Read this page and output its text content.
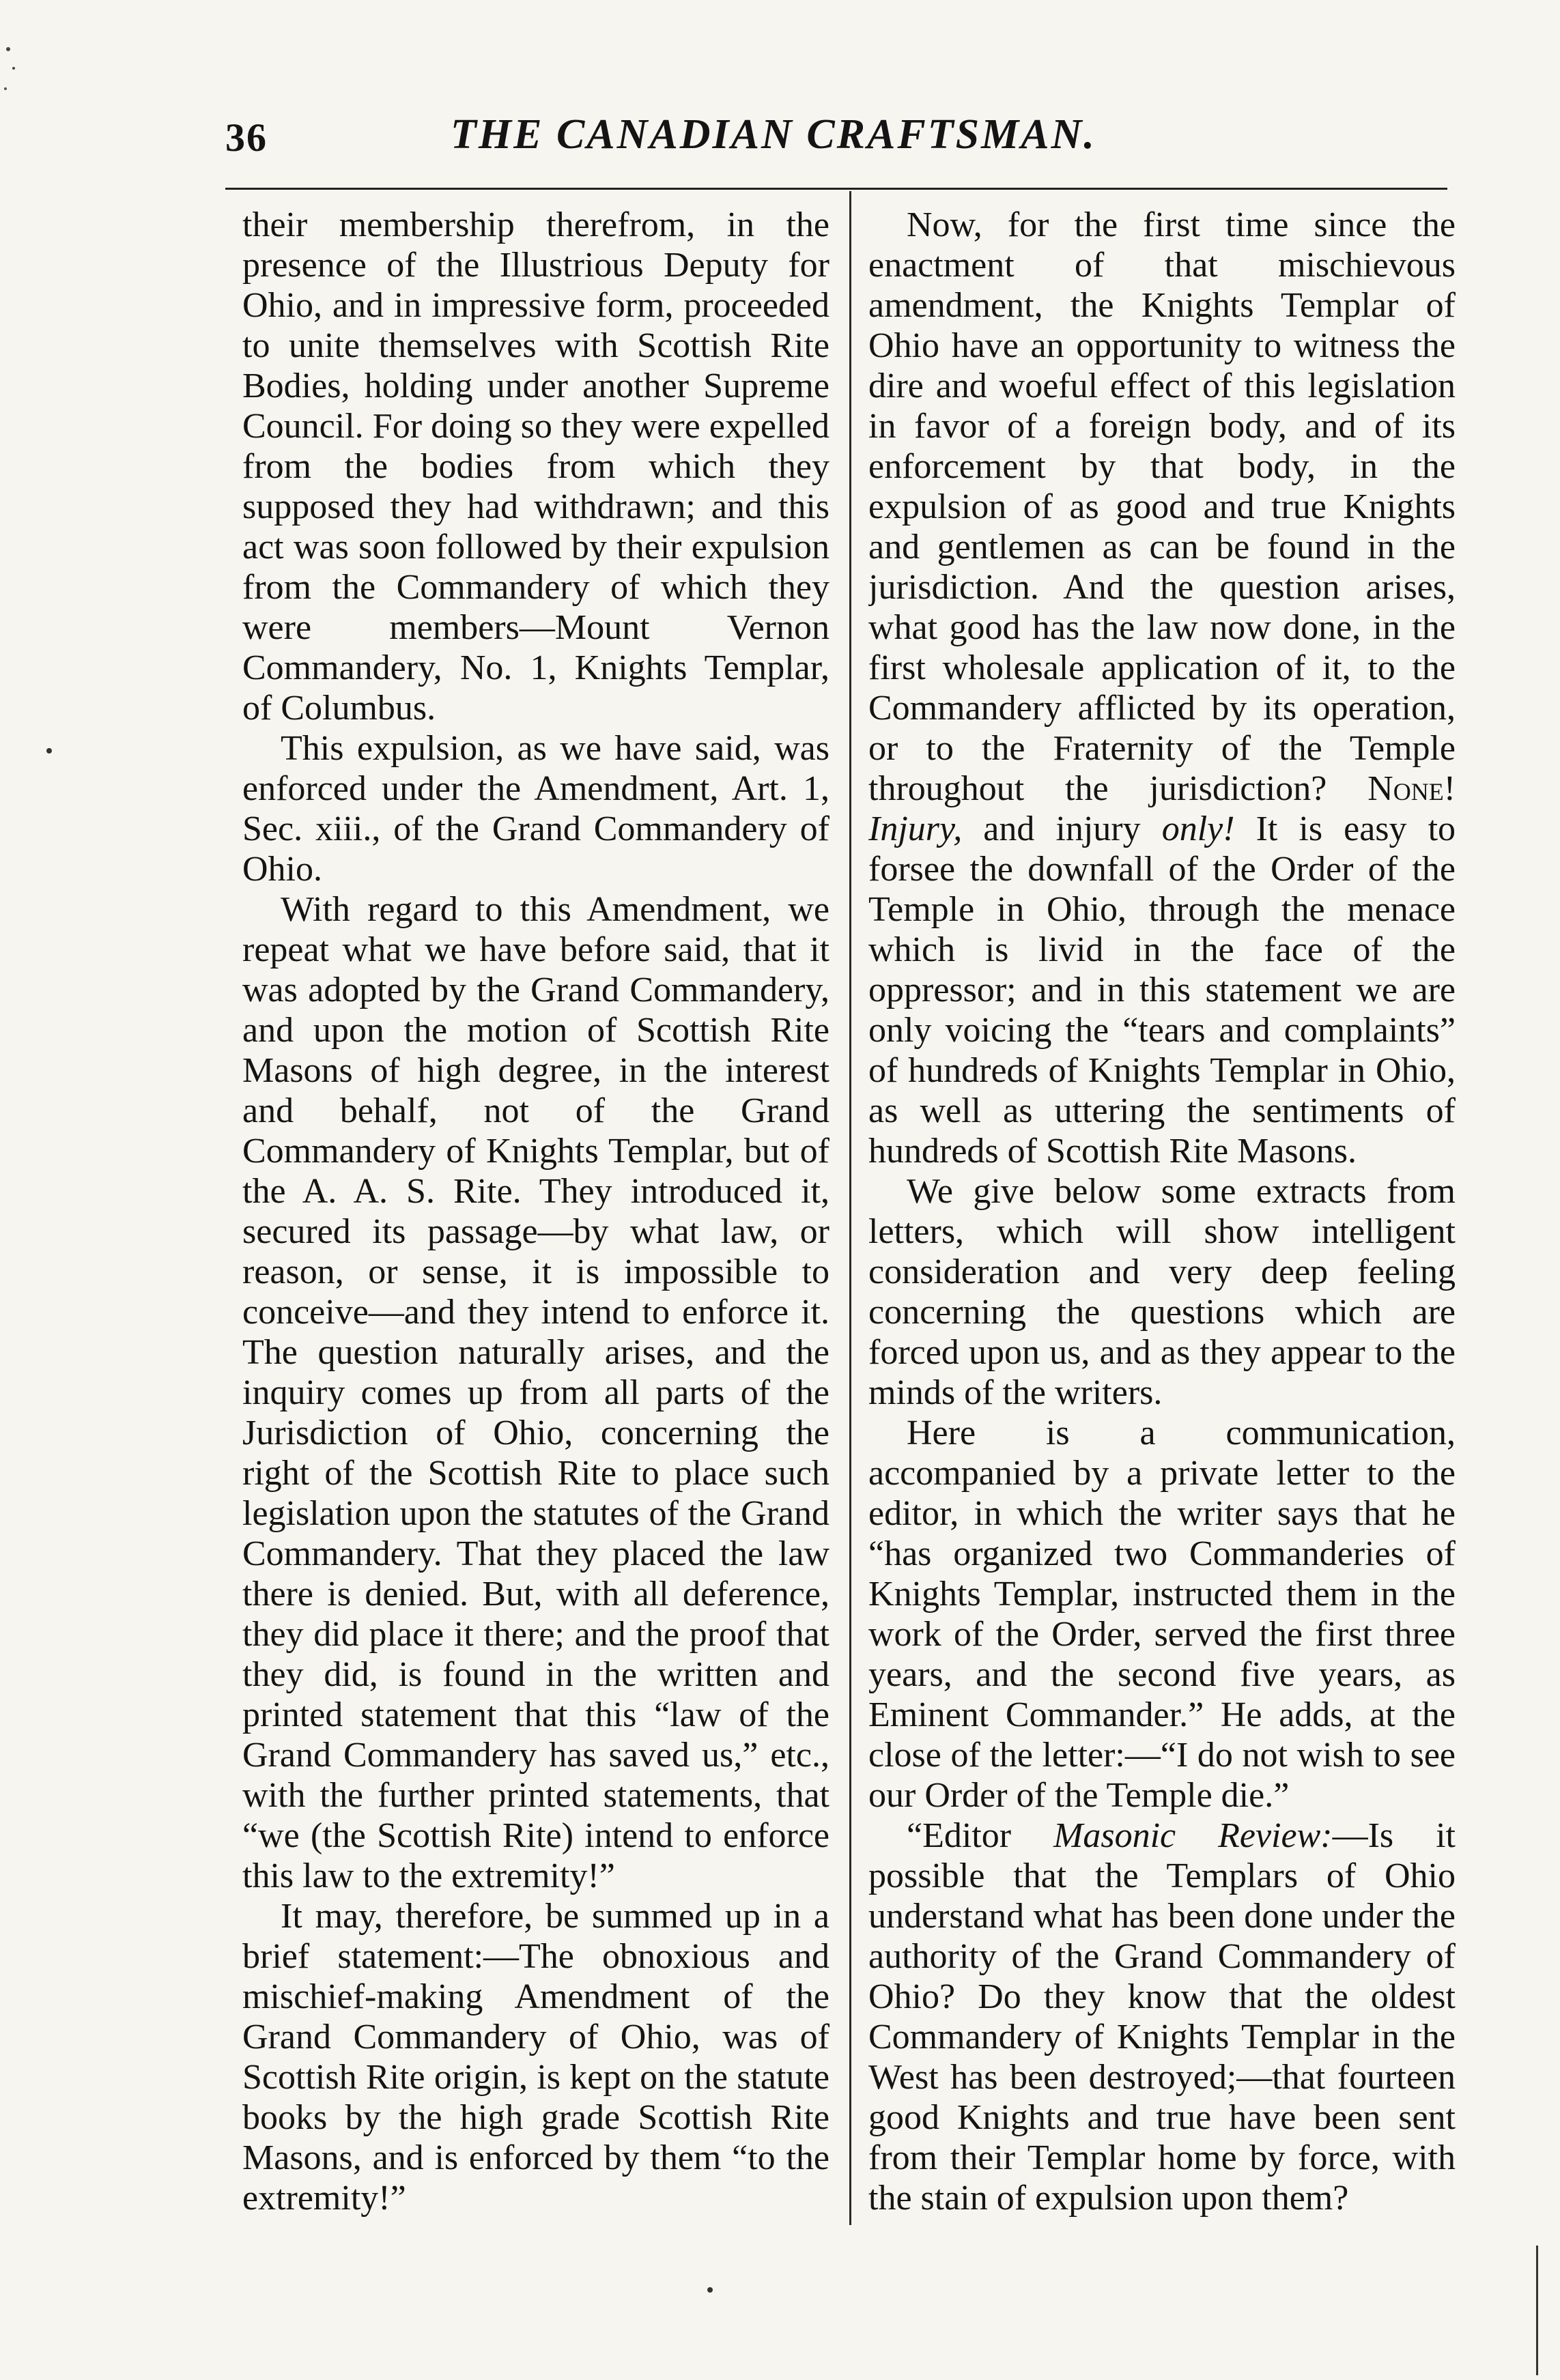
36	THE CANADIAN CRAFTSMAN.

their membership therefrom, in the presence of the Illustrious Deputy for Ohio, and in impressive form, proceeded to unite themselves with Scottish Rite Bodies, holding under another Supreme Council. For doing so they were expelled from the bodies from which they supposed they had withdrawn; and this act was soon followed by their expulsion from the Commandery of which they were members—Mount Vernon Commandery, No. 1, Knights Templar, of Columbus.

This expulsion, as we have said, was enforced under the Amendment, Art. 1, Sec. xiii., of the Grand Commandery of Ohio.

With regard to this Amendment, we repeat what we have before said, that it was adopted by the Grand Commandery, and upon the motion of Scottish Rite Masons of high degree, in the interest and behalf, not of the Grand Commandery of Knights Templar, but of the A. A. S. Rite. They introduced it, secured its passage—by what law, or reason, or sense, it is impossible to conceive—and they intend to enforce it. The question naturally arises, and the inquiry comes up from all parts of the Jurisdiction of Ohio, concerning the right of the Scottish Rite to place such legislation upon the statutes of the Grand Commandery. That they placed the law there is denied. But, with all deference, they did place it there; and the proof that they did, is found in the written and printed statement that this “law of the Grand Commandery has saved us,” etc., with the further printed statements, that “we (the Scottish Rite) intend to enforce this law to the extremity!”

It may, therefore, be summed up in a brief statement:—The obnoxious and mischief-making Amendment of the Grand Commandery of Ohio, was of Scottish Rite origin, is kept on the statute books by the high grade Scottish Rite Masons, and is enforced by them “to the extremity!”

Now, for the first time since the enactment of that mischievous amendment, the Knights Templar of Ohio have an opportunity to witness the dire and woeful effect of this legislation in favor of a foreign body, and of its enforcement by that body, in the expulsion of as good and true Knights and gentlemen as can be found in the jurisdiction. And the question arises, what good has the law now done, in the first wholesale application of it, to the Commandery afflicted by its operation, or to the Fraternity of the Temple throughout the jurisdiction? None! Injury, and injury only! It is easy to forsee the downfall of the Order of the Temple in Ohio, through the menace which is livid in the face of the oppressor; and in this statement we are only voicing the “tears and complaints” of hundreds of Knights Templar in Ohio, as well as uttering the sentiments of hundreds of Scottish Rite Masons.

We give below some extracts from letters, which will show intelligent consideration and very deep feeling concerning the questions which are forced upon us, and as they appear to the minds of the writers.

Here is a communication, accompanied by a private letter to the editor, in which the writer says that he “has organized two Commanderies of Knights Templar, instructed them in the work of the Order, served the first three years, and the second five years, as Eminent Commander.” He adds, at the close of the letter:—“I do not wish to see our Order of the Temple die.”

“Editor Masonic Review:—Is it possible that the Templars of Ohio understand what has been done under the authority of the Grand Commandery of Ohio? Do they know that the oldest Commandery of Knights Templar in the West has been destroyed;—that fourteen good Knights and true have been sent from their Templar home by force, with the stain of expulsion upon them?
